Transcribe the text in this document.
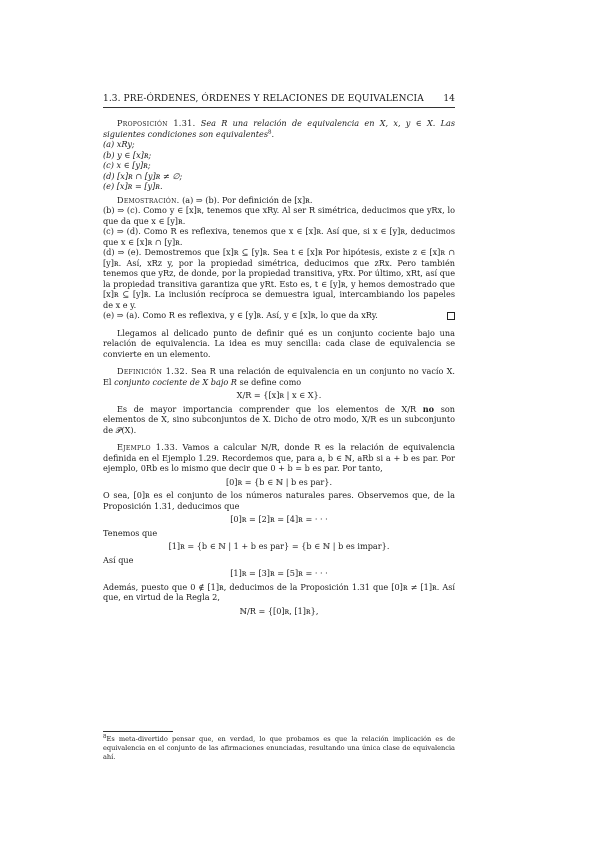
1.3. PRE-ÓRDENES, ÓRDENES Y RELACIONES DE EQUIVALENCIA 14

Proposición 1.31. Sea R una relación de equivalencia en X, x, y ∈ X. Las siguientes condiciones son equivalentes$^8$.

(a) xRy;

(b) y ∈ [x]ʀ;

(c) x ∈ [y]ʀ;

(d) [x]ʀ ∩ [y]ʀ ≠ ∅;

(e) [x]ʀ = [y]ʀ.

Demostración. (a) ⇒ (b). Por definición de [x]ʀ.

(b) ⇒ (c). Como y ∈ [x]ʀ, tenemos que xRy. Al ser R simétrica, deducimos que yRx, lo que da que x ∈ [y]ʀ.

(c) ⇒ (d). Como R es reflexiva, tenemos que x ∈ [x]ʀ. Así que, si x ∈ [y]ʀ, deducimos que x ∈ [x]ʀ ∩ [y]ʀ.

(d) ⇒ (e). Demostremos que [x]ʀ ⊆ [y]ʀ. Sea t ∈ [x]ʀ Por hipótesis, existe z ∈ [x]ʀ ∩ [y]ʀ. Así, xRz y, por la propiedad simétrica, deducimos que zRx. Pero también tenemos que yRz, de donde, por la propiedad transitiva, yRx. Por último, xRt, así que la propiedad transitiva garantiza que yRt. Esto es, t ∈ [y]ʀ, y hemos demostrado que [x]ʀ ⊆ [y]ʀ. La inclusión recíproca se demuestra igual, intercambiando los papeles de x e y.

(e) ⇒ (a). Como R es reflexiva, y ∈ [y]ʀ. Así, y ∈ [x]ʀ, lo que da xRy.

Llegamos al delicado punto de definir qué es un conjunto cociente bajo una relación de equivalencia. La idea es muy sencilla: cada clase de equivalencia se convierte en un elemento.

Definición 1.32. Sea R una relación de equivalencia en un conjunto no vacío X. El conjunto cociente de X bajo R se define como

X/R = {[x]ʀ | x ∈ X}.

Es de mayor importancia comprender que los elementos de X/R no son elementos de X, sino subconjuntos de X. Dicho de otro modo, X/R es un subconjunto de 𝒫(X).

Ejemplo 1.33. Vamos a calcular ℕ/R, donde R es la relación de equivalencia definida en el Ejemplo 1.29. Recordemos que, para a, b ∈ ℕ, aRb si a + b es par. Por ejemplo, 0Rb es lo mismo que decir que 0 + b = b es par. Por tanto,

[0]ʀ = {b ∈ ℕ | b es par}.

O sea, [0]ʀ es el conjunto de los números naturales pares. Observemos que, de la Proposición 1.31, deducimos que

[0]ʀ = [2]ʀ = [4]ʀ = · · ·

Tenemos que

[1]ʀ = {b ∈ ℕ | 1 + b es par} = {b ∈ ℕ | b es impar}.

Así que

[1]ʀ = [3]ʀ = [5]ʀ = · · ·

Además, puesto que 0 ∉ [1]ʀ, deducimos de la Proposición 1.31 que [0]ʀ ≠ [1]ʀ. Así que, en virtud de la Regla 2,

ℕ/R = {[0]ʀ, [1]ʀ},

$^8$Es meta-divertido pensar que, en verdad, lo que probamos es que la relación implicación es de equivalencia en el conjunto de las afirmaciones enunciadas, resultando una única clase de equivalencia ahí.
